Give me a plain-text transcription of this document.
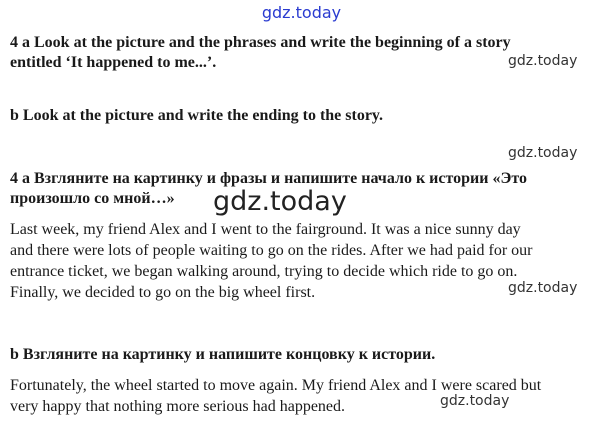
gdz.today
4 a Look at the picture and the phrases and write the beginning of a story
entitled ‘It happened to me...’.	gdz.today
b Look at the picture and write the ending to the story.
gdz.today
4 а Взгляните на картинку и фразы и напишите начало к истории «Это
произошло со мной…» gdz.today
Last week, my friend Alex and I went to the fairground. It was a nice sunny day
and there were lots of people waiting to go on the rides. After we had paid for our
entrance ticket, we began walking around, trying to decide which ride to go on.
Finally, we decided to go on the big wheel first.	gdz.today
b Взгляните на картинку и напишите концовку к истории.
Fortunately, the wheel started to move again. My friend Alex and I were scared but
very happy that nothing more serious had happened.	gdz.today
